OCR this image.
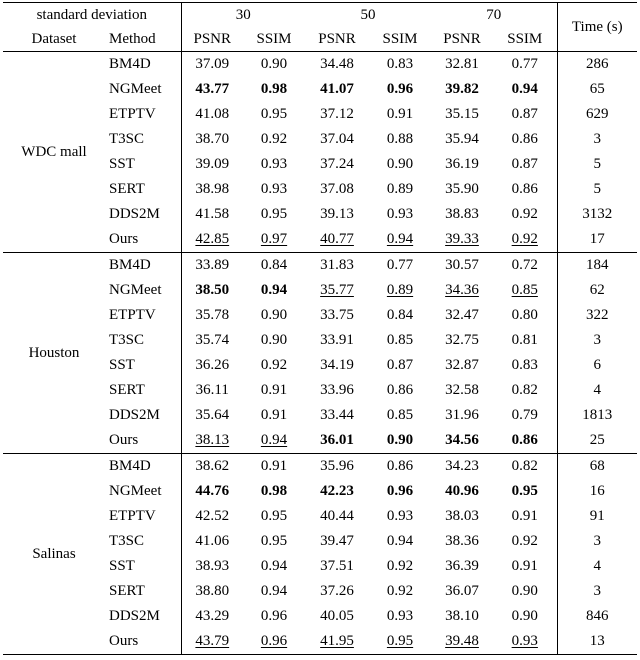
standard deviation		30		50		70		Time (s)
Dataset	Method	PSNR	SSIM	PSNR	SSIM	PSNR	SSIM	
WDC mall	BM4D	37.09	0.90	34.48	0.83	32.81	0.77	286
	NGMeet	43.77	0.98	41.07	0.96	39.82	0.94	65
	ETPTV	41.08	0.95	37.12	0.91	35.15	0.87	629
	T3SC	38.70	0.92	37.04	0.88	35.94	0.86	3
	SST	39.09	0.93	37.24	0.90	36.19	0.87	5
	SERT	38.98	0.93	37.08	0.89	35.90	0.86	5
	DDS2M	41.58	0.95	39.13	0.93	38.83	0.92	3132
	Ours	42.85	0.97	40.77	0.94	39.33	0.92	17
Houston	BM4D	33.89	0.84	31.83	0.77	30.57	0.72	184
	NGMeet	38.50	0.94	35.77	0.89	34.36	0.85	62
	ETPTV	35.78	0.90	33.75	0.84	32.47	0.80	322
	T3SC	35.74	0.90	33.91	0.85	32.75	0.81	3
	SST	36.26	0.92	34.19	0.87	32.87	0.83	6
	SERT	36.11	0.91	33.96	0.86	32.58	0.82	4
	DDS2M	35.64	0.91	33.44	0.85	31.96	0.79	1813
	Ours	38.13	0.94	36.01	0.90	34.56	0.86	25
Salinas	BM4D	38.62	0.91	35.96	0.86	34.23	0.82	68
	NGMeet	44.76	0.98	42.23	0.96	40.96	0.95	16
	ETPTV	42.52	0.95	40.44	0.93	38.03	0.91	91
	T3SC	41.06	0.95	39.47	0.94	38.36	0.92	3
	SST	38.93	0.94	37.51	0.92	36.39	0.91	4
	SERT	38.80	0.94	37.26	0.92	36.07	0.90	3
	DDS2M	43.29	0.96	40.05	0.93	38.10	0.90	846
	Ours	43.79	0.96	41.95	0.95	39.48	0.93	13
